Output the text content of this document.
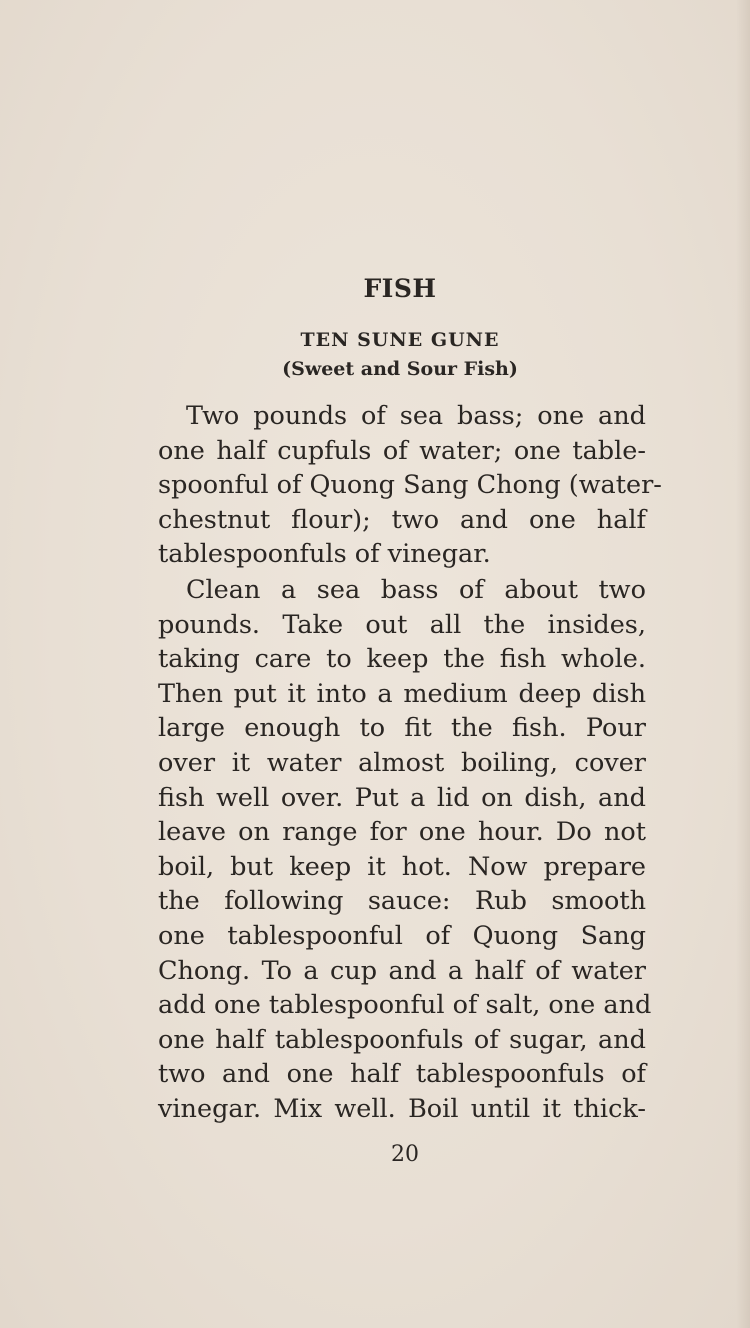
FISH
TEN SUNE GUNE
(Sweet and Sour Fish)
Two pounds of sea bass; one and
one half cupfuls of water; one table-
spoonful of Quong Sang Chong (water-
chestnut flour); two and one half
tablespoonfuls of vinegar.
Clean a sea bass of about two
pounds. Take out all the insides,
taking care to keep the fish whole.
Then put it into a medium deep dish
large enough to fit the fish. Pour
over it water almost boiling, cover
fish well over. Put a lid on dish, and
leave on range for one hour. Do not
boil, but keep it hot. Now prepare
the following sauce: Rub smooth
one tablespoonful of Quong Sang
Chong. To a cup and a half of water
add one tablespoonful of salt, one and
one half tablespoonfuls of sugar, and
two and one half tablespoonfuls of
vinegar. Mix well. Boil until it thick-
20
